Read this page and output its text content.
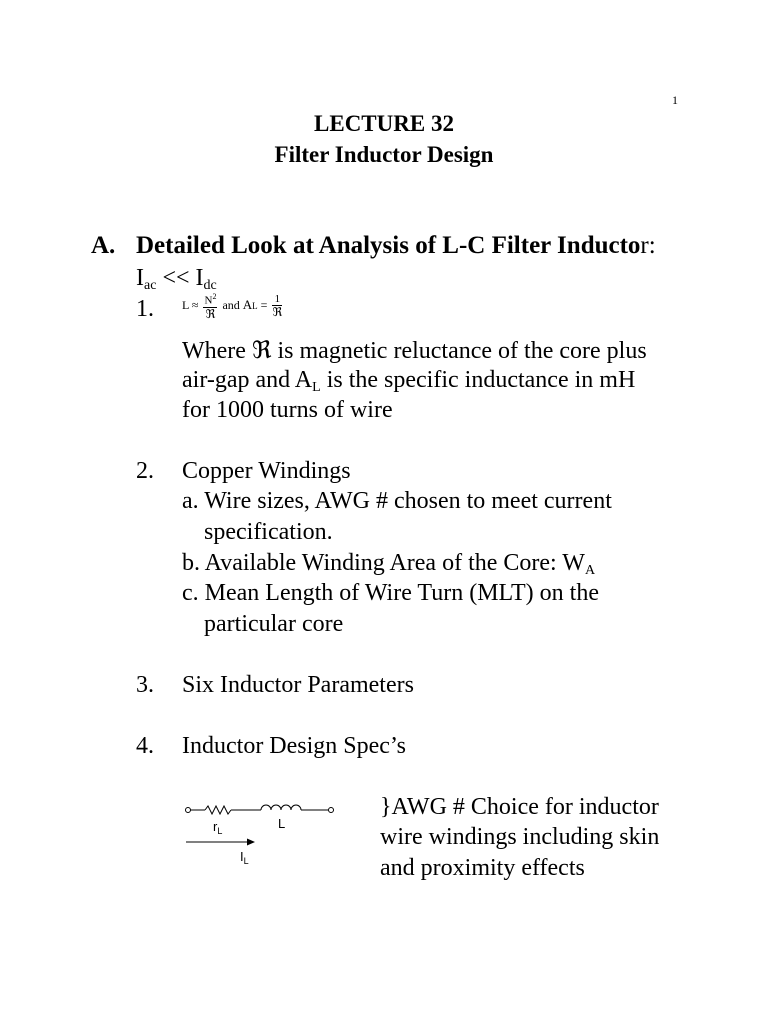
1
LECTURE 32
Filter Inductor Design
A. Detailed Look at Analysis of L-C Filter Inductor:
$I_{ac} << I_{dc}$
1. $L \approx \frac{N^2}{\text{ℜ}}$ and AL = $\frac{1}{\text{ℜ}}$
Where ℜ is magnetic reluctance of the core plus
air-gap and $A_L$ is the specific inductance in mH
for 1000 turns of wire
2. Copper Windings
a. Wire sizes, AWG # chosen to meet current
specification.
b. Available Winding Area of the Core: $W_A$
c. Mean Length of Wire Turn (MLT) on the
particular core
3. Six Inductor Parameters
4. Inductor Design Spec’s
$r_L$	L
$I_L$
}AWG # Choice for inductor
wire windings including skin
and proximity effects
